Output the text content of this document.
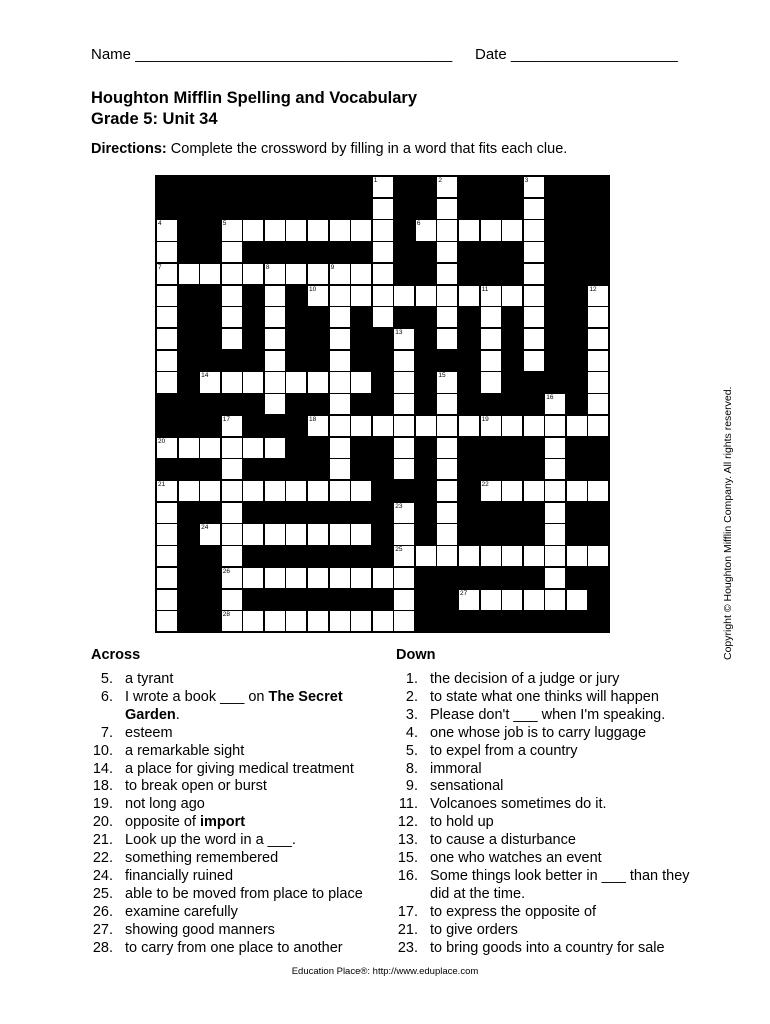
Name ______________________________________ Date ____________________
Houghton Mifflin Spelling and Vocabulary
Grade 5: Unit 34
Directions: Complete the crossword by filling in a word that fits each clue.
1	2	3
4
7
5	6
8	9
10	11	12
13
14	15
16
17
26
28
18	19
20
21	22
23
25
24
27
Across
5. a tyrant
6. I wrote a book ___ on The Secret Garden.
7. esteem
10. a remarkable sight
14. a place for giving medical treatment
18. to break open or burst
19. not long ago
20. opposite of import
21. Look up the word in a ___.
22. something remembered
24. financially ruined
25. able to be moved from place to place
26. examine carefully
27. showing good manners
28. to carry from one place to another
Down
1. the decision of a judge or jury
2. to state what one thinks will happen
3. Please don't ___ when I'm speaking.
4. one whose job is to carry luggage
5. to expel from a country
8. immoral
9. sensational
11. Volcanoes sometimes do it.
12. to hold up
13. to cause a disturbance
15. one who watches an event
16. Some things look better in ___ than they did at the time.
17. to express the opposite of
21. to give orders
23. to bring goods into a country for sale
Education Place®: http://www.eduplace.com
Copyright © Houghton Mifflin Company. All rights reserved.
